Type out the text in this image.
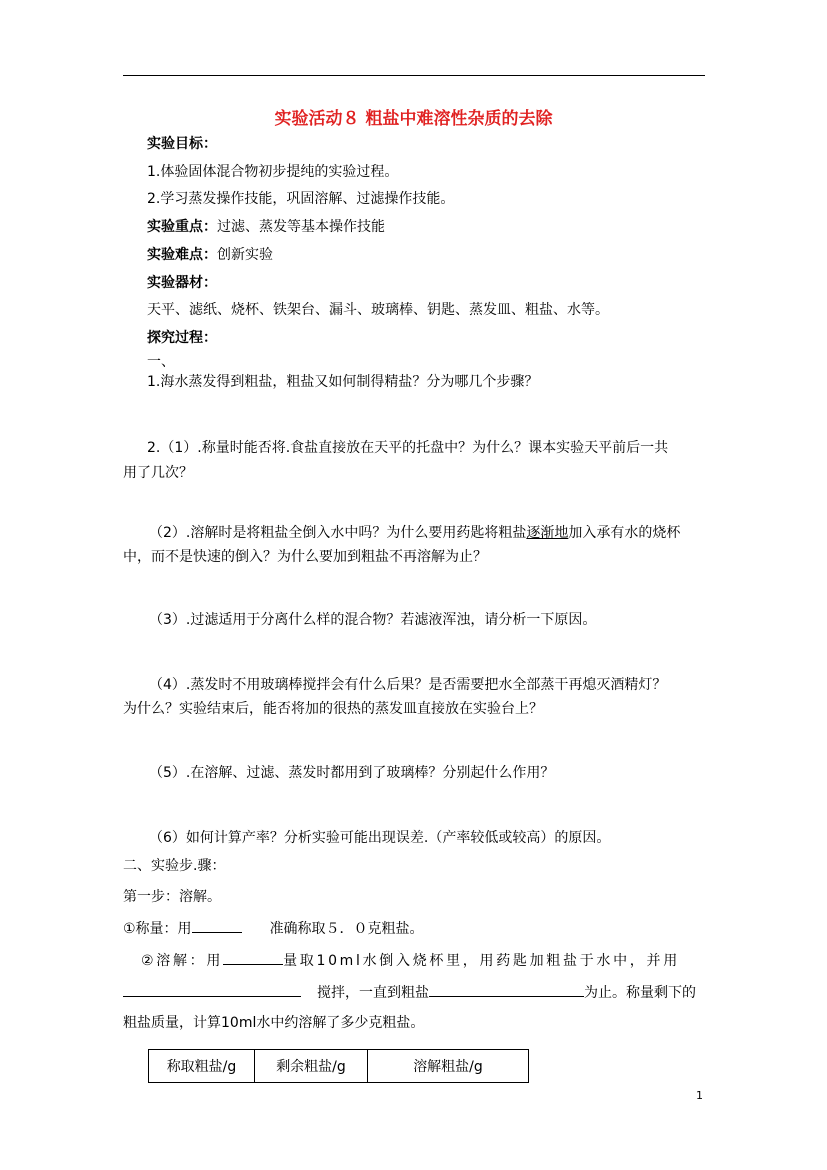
实验活动８ 粗盐中难溶性杂质的去除
实验目标：
1.体验固体混合物初步提纯的实验过程。
2.学习蒸发操作技能，巩固溶解、过滤操作技能。
实验重点：过滤、蒸发等基本操作技能
实验难点：创新实验
实验器材：
天平、滤纸、烧杯、铁架台、漏斗、玻璃棒、钥匙、蒸发皿、粗盐、水等。
探究过程：
一、
1.海水蒸发得到粗盐，粗盐又如何制得精盐？分为哪几个步骤？
2.（1）.称量时能否将.食盐直接放在天平的托盘中？为什么？课本实验天平前后一共
用了几次？
（2）.溶解时是将粗盐全倒入水中吗？为什么要用药匙将粗盐逐渐地加入承有水的烧杯
中，而不是快速的倒入？为什么要加到粗盐不再溶解为止？
（3）.过滤适用于分离什么样的混合物？若滤液浑浊，请分析一下原因。
（4）.蒸发时不用玻璃棒搅拌会有什么后果？是否需要把水全部蒸干再熄灭酒精灯？
为什么？实验结束后，能否将加的很热的蒸发皿直接放在实验台上？
（5）.在溶解、过滤、蒸发时都用到了玻璃棒？分别起什么作用？
（6）如何计算产率？分析实验可能出现误差.（产率较低或较高）的原因。
二、实验步.骤：
第一步：溶解。
①称量：用	准确称取５．０克粗盐。
②溶解：用	量取10ml水倒入烧杯里，用药匙加粗盐于水中，并用
搅拌，一直到粗盐	为止。称量剩下的
粗盐质量，计算10ml水中约溶解了多少克粗盐。
称取粗盐/g	剩余粗盐/g	溶解粗盐/g
1
